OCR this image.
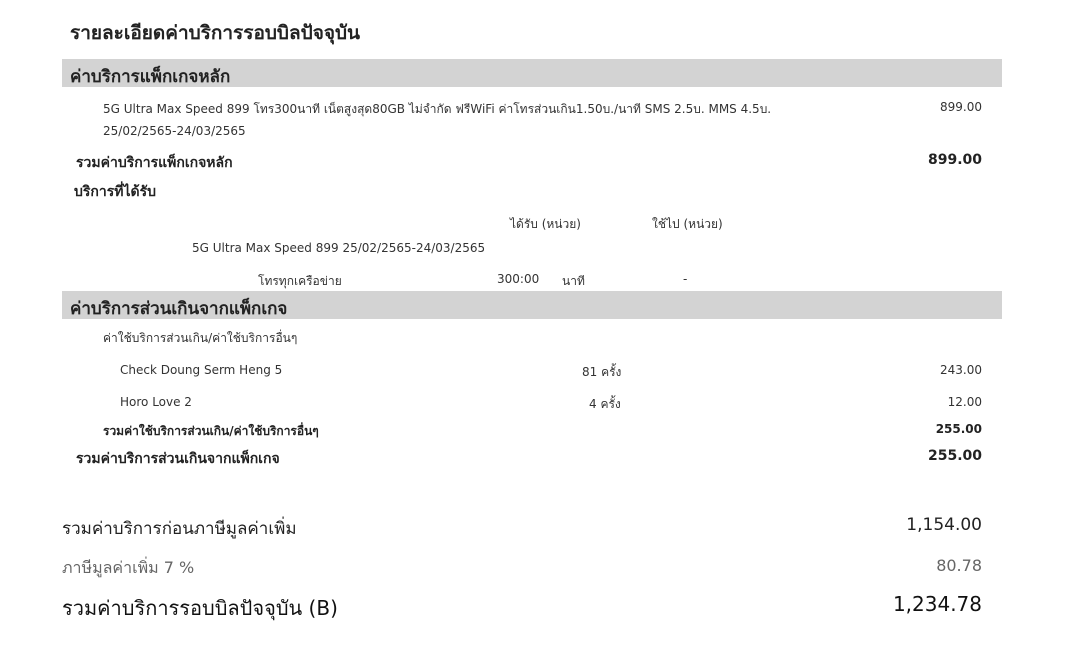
รายละเอียดค่าบริการรอบบิลปัจจุบัน
ค่าบริการแพ็กเกจหลัก
5G Ultra Max Speed 899 โทร300นาที เน็ตสูงสุด80GB ไม่จำกัด ฟรีWiFi ค่าโทรส่วนเกิน1.50บ./นาที SMS 2.5บ. MMS 4.5บ.	899.00
25/02/2565-24/03/2565
รวมค่าบริการแพ็กเกจหลัก	899.00
บริการที่ได้รับ
ได้รับ (หน่วย)	ใช้ไป (หน่วย)
5G Ultra Max Speed 899 25/02/2565-24/03/2565
โทรทุกเครือข่าย	300:00 นาที	-
ค่าบริการส่วนเกินจากแพ็กเกจ
ค่าใช้บริการส่วนเกิน/ค่าใช้บริการอื่นๆ
Check Doung Serm Heng 5	81 ครั้ง	243.00
Horo Love 2	4 ครั้ง	12.00
รวมค่าใช้บริการส่วนเกิน/ค่าใช้บริการอื่นๆ	255.00
รวมค่าบริการส่วนเกินจากแพ็กเกจ	255.00
รวมค่าบริการก่อนภาษีมูลค่าเพิ่ม	1,154.00
ภาษีมูลค่าเพิ่ม 7 %	80.78
รวมค่าบริการรอบบิลปัจจุบัน (B)	1,234.78
